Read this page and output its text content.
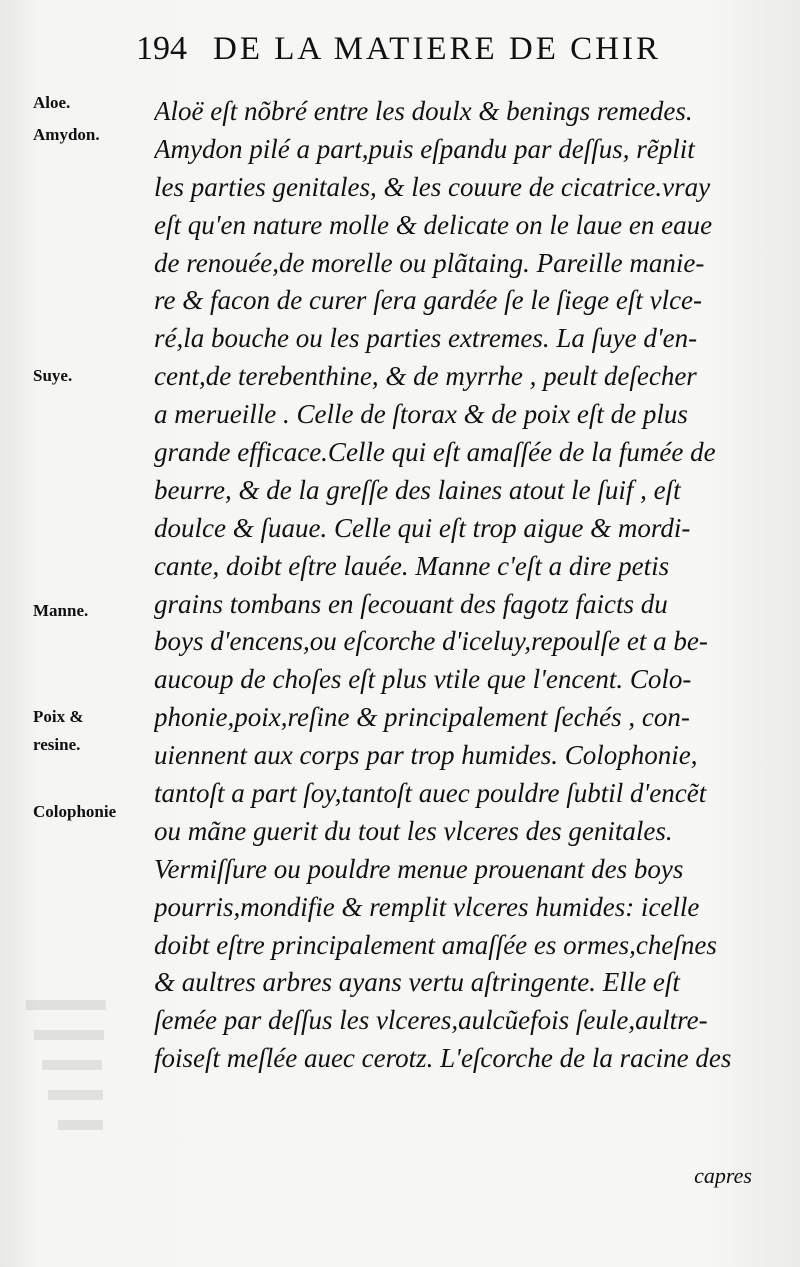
194 DE LA MATIERE DE CHIR
Aloe.
Amydon.
Suye.
Manne.
Poix &
resine.
Colophonie
Aloë eſt nõbré entre les doulx & benings remedes.
Amydon pilé a part,puis eſpandu par deſſus, rẽplit
les parties genitales, & les couure de cicatrice.vray
eſt qu'en nature molle & delicate on le laue en eaue
de renouée,de morelle ou plãtaing. Pareille manie-
re & facon de curer ſera gardée ſe le ſiege eſt vlce-
ré,la bouche ou les parties extremes. La ſuye d'en-
cent,de terebenthine, & de myrrhe , peult deſecher
a merueille . Celle de ſtorax & de poix eſt de plus
grande efficace.Celle qui eſt amaſſée de la fumée de
beurre, & de la greſſe des laines atout le ſuif , eſt
doulce & ſuaue. Celle qui eſt trop aigue & mordi-
cante, doibt eſtre lauée. Manne c'eſt a dire petis
grains tombans en ſecouant des fagotz faicts du
boys d'encens,ou eſcorche d'iceluy,repoulſe et a be-
aucoup de choſes eſt plus vtile que l'encent. Colo-
phonie,poix,reſine & principalement ſechés , con-
uiennent aux corps par trop humides. Colophonie,
tantoſt a part ſoy,tantoſt auec pouldre ſubtil d'encẽt
ou mãne guerit du tout les vlceres des genitales.
Vermiſſure ou pouldre menue prouenant des boys
pourris,mondifie & remplit vlceres humides: icelle
doibt eſtre principalement amaſſée es ormes,cheſnes
& aultres arbres ayans vertu aſtringente. Elle eſt
ſemée par deſſus les vlceres,aulcũefois ſeule,aultre-
foiseſt meſlée auec cerotz. L'eſcorche de la racine des
capres
